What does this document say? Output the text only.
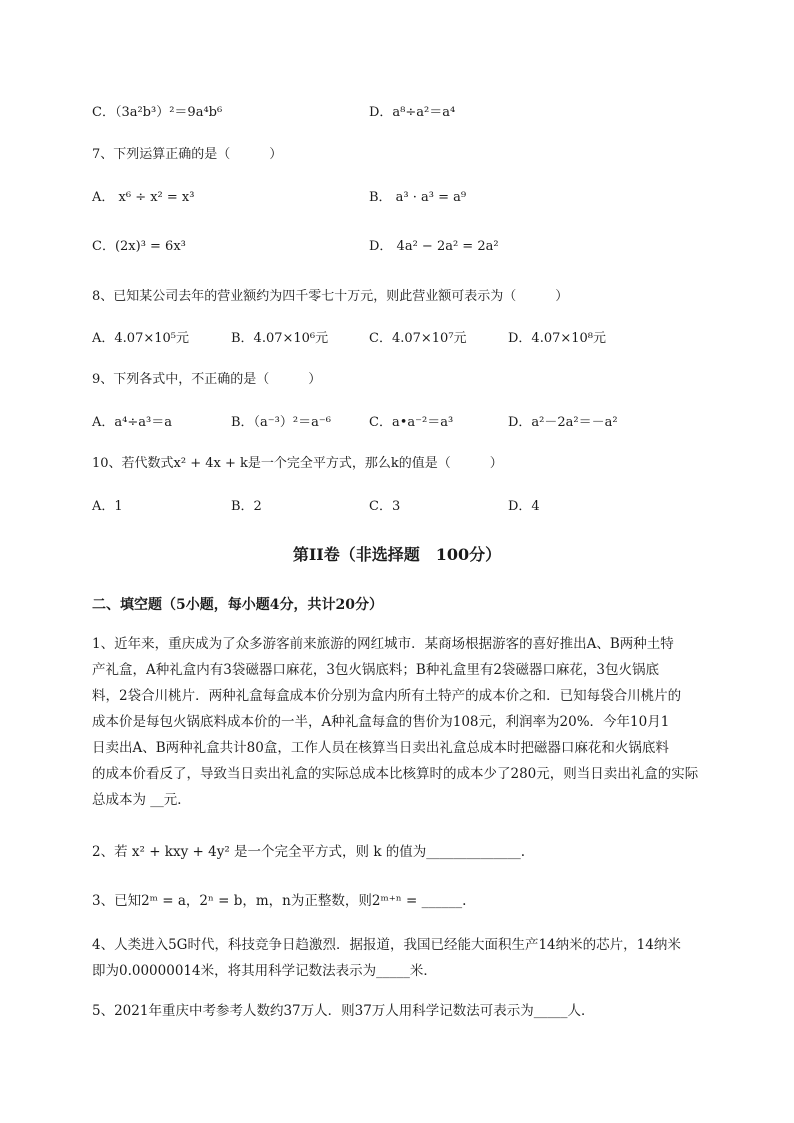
C．（3a²b³）²＝9a⁴b⁶	D．a⁸÷a²＝a⁴
7、下列运算正确的是（　　　）
A． x⁶ ÷ x² = x³	B． a³ · a³ = a⁹
C．(2x)³ = 6x³	D． 4a² − 2a² = 2a²
8、已知某公司去年的营业额约为四千零七十万元，则此营业额可表示为（　　　）
A．4.07×10⁵元	B．4.07×10⁶元	C．4.07×10⁷元	D．4.07×10⁸元
9、下列各式中，不正确的是（　　　）
A．a⁴÷a³＝a	B．（a⁻³）²＝a⁻⁶	C．a•a⁻²＝a³	D．a²－2a²＝－a²
10、若代数式x² + 4x + k是一个完全平方式，那么k的值是（　　　）
A．1	B．2	C．3	D．4
第II卷（非选择题　100分）
二、填空题（5小题，每小题4分，共计20分）
1、近年来，重庆成为了众多游客前来旅游的网红城市．某商场根据游客的喜好推出A、B两种土特
产礼盒，A种礼盒内有3袋磁器口麻花，3包火锅底料；B种礼盒里有2袋磁器口麻花，3包火锅底
料，2袋合川桃片．两种礼盒每盒成本价分别为盒内所有土特产的成本价之和．已知每袋合川桃片的
成本价是每包火锅底料成本价的一半，A种礼盒每盒的售价为108元，利润率为20%．今年10月1
日卖出A、B两种礼盒共计80盒，工作人员在核算当日卖出礼盒总成本时把磁器口麻花和火锅底料
的成本价看反了，导致当日卖出礼盒的实际总成本比核算时的成本少了280元，则当日卖出礼盒的实际
总成本为 __元．
2、若 x² + kxy + 4y² 是一个完全平方式，则 k 的值为______________.
3、已知2ᵐ = a，2ⁿ = b，m，n为正整数，则2ᵐ⁺ⁿ = ______.
4、人类进入5G时代，科技竞争日趋激烈．据报道，我国已经能大面积生产14纳米的芯片，14纳米
即为0.00000014米，将其用科学记数法表示为_____米．
5、2021年重庆中考参考人数约37万人．则37万人用科学记数法可表示为_____人．
